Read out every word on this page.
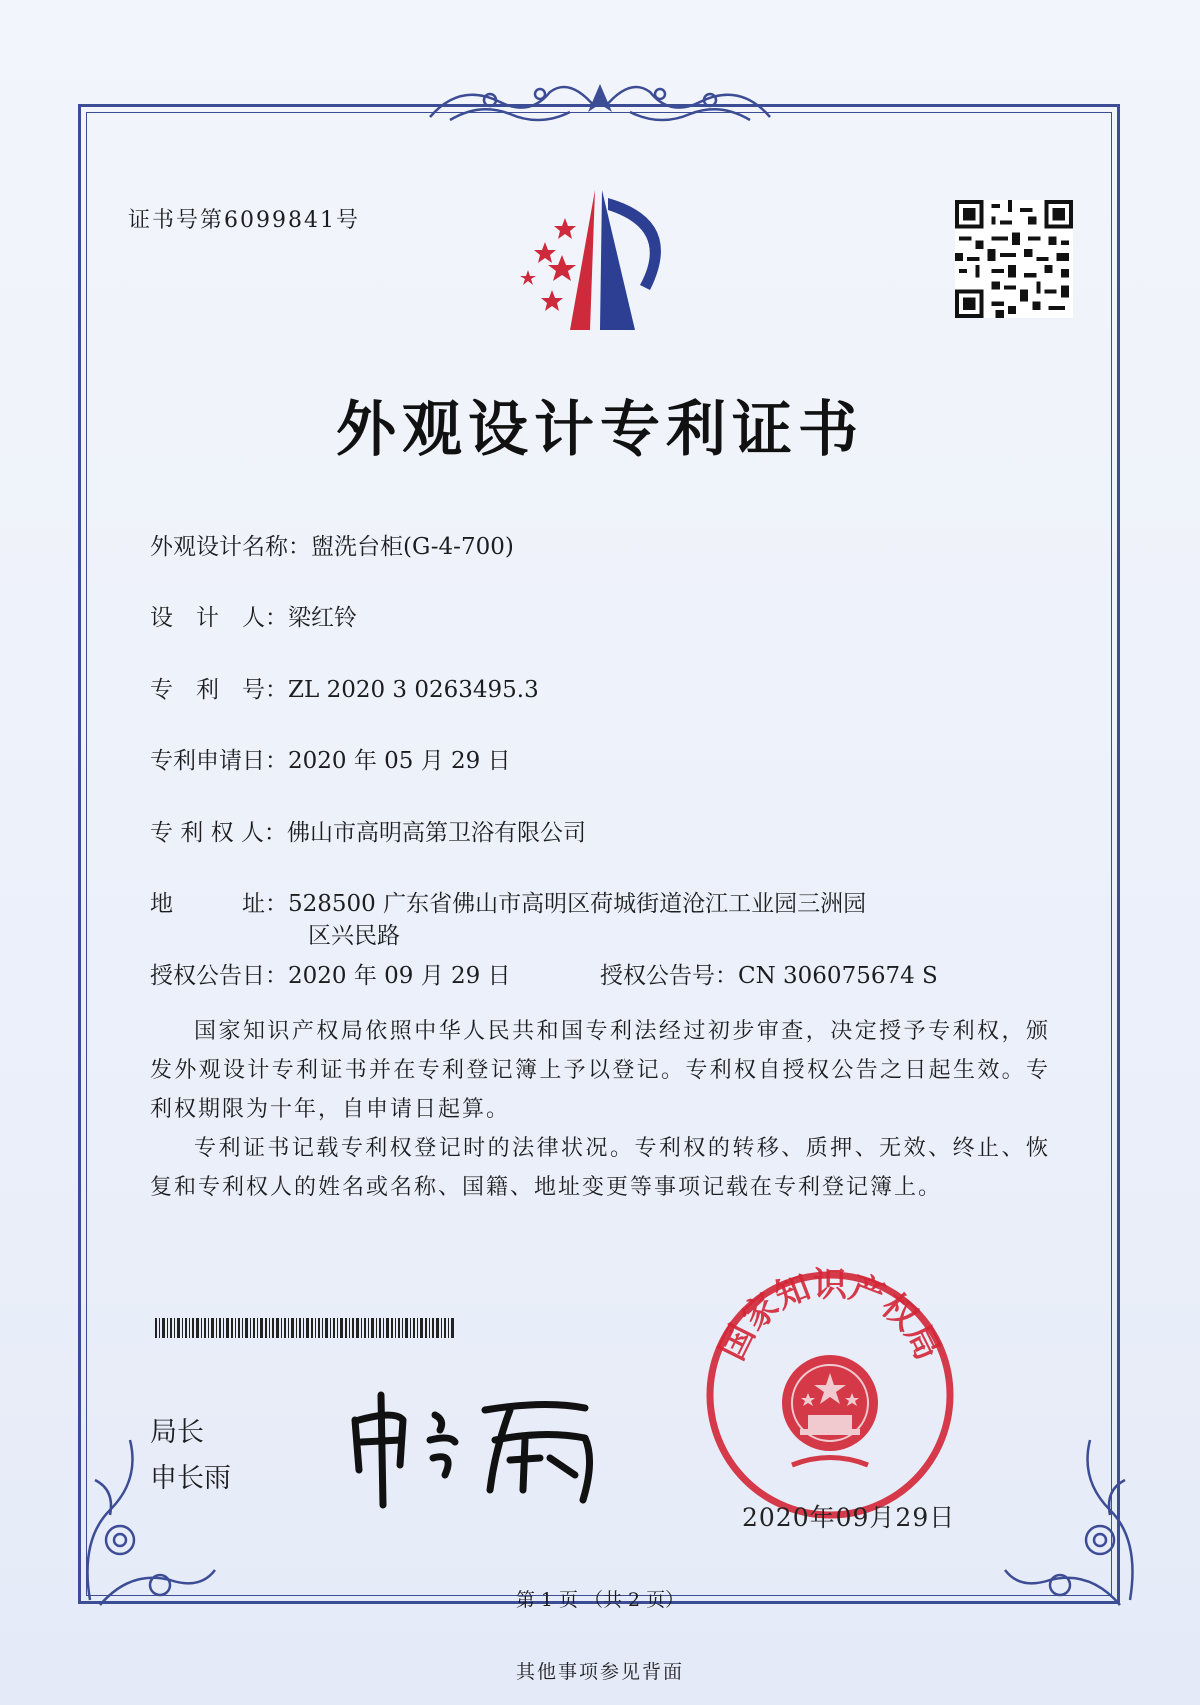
证书号第6099841号
外观设计专利证书
外观设计名称：盥洗台柜(G-4-700)
设　计　人：梁红铃
专　利　号：ZL 2020 3 0263495.3
专利申请日：2020 年 05 月 29 日
专 利 权 人：佛山市高明高第卫浴有限公司
地　　　址：528500 广东省佛山市高明区荷城街道沧江工业园三洲园
区兴民路
授权公告日：2020 年 09 月 29 日	授权公告号：CN 306075674 S

国家知识产权局依照中华人民共和国专利法经过初步审查，决定授予专利权，颁发外观设计专利证书并在专利登记簿上予以登记。专利权自授权公告之日起生效。专利权期限为十年，自申请日起算。

专利证书记载专利权登记时的法律状况。专利权的转移、质押、无效、终止、恢复和专利权人的姓名或名称、国籍、地址变更等事项记载在专利登记簿上。

局长
申长雨
国家知识产权局
2020年09月29日
第 1 页 （共 2 页）
其他事项参见背面
